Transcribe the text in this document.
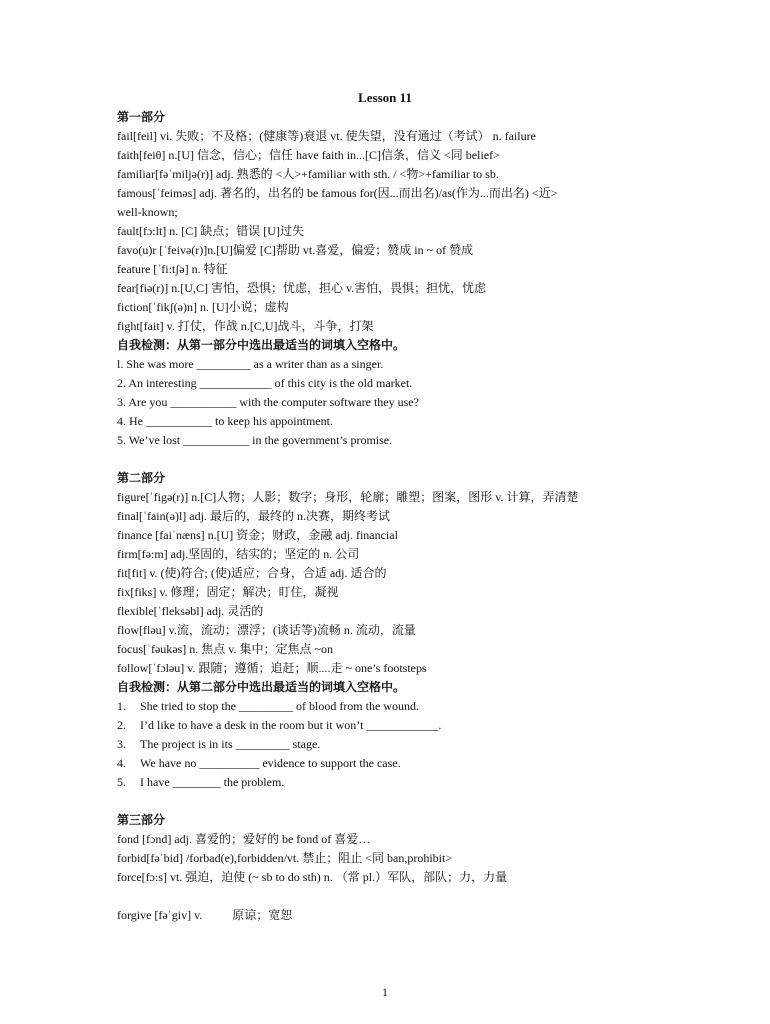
Lesson 11
第一部分
fail[feil] vi. 失败；不及格；(健康等)衰退 vt. 使失望，没有通过（考试） n. failure
faith[feiθ] n.[U] 信念，信心；信任 have faith in...[C]信条，信义 <同 belief>
familiar[fəˈmiljə(r)] adj. 熟悉的 <人>+familiar with sth. / <物>+familiar to sb.
famous[ˈfeiməs] adj. 著名的，出名的 be famous for(因...而出名)/as(作为...而出名) <近>
well-known;
fault[fɔ:lt] n. [C] 缺点；错误 [U]过失
favo(u)r [ˈfeivə(r)]n.[U]偏爱 [C]帮助 vt.喜爱，偏爱；赞成 in ~ of 赞成
feature [ˈfi:tʃə] n. 特征
fear[fiə(r)] n.[U,C] 害怕，恐惧；忧虑，担心 v.害怕，畏惧；担忧，忧虑
fiction[ˈfikʃ(ə)n] n. [U]小说；虚构
fight[fait] v. 打仗，作战 n.[C,U]战斗，斗争，打架
自我检测：从第一部分中选出最适当的词填入空格中。
l. She was more _________ as a writer than as a singer.
2. An interesting ____________ of this city is the old market.
3. Are you ___________ with the computer software they use?
4. He ___________ to keep his appointment.
5. We’ve lost ___________ in the government’s promise.
第二部分
figure[ˈfigə(r)] n.[C]人物；人影；数字；身形，轮廓；雕塑；图案，图形 v. 计算，弄清楚
final[ˈfain(ə)l] adj. 最后的，最终的 n.决赛，期终考试
finance [faiˈnæns] n.[U] 资金；财政，金融 adj. financial
firm[fə:m] adj.坚固的，结实的；坚定的 n. 公司
fit[fit] v. (使)符合; (使)适应；合身，合适 adj. 适合的
fix[fiks] v. 修理；固定；解决；盯住，凝视
flexible[ˈfleksəbl] adj. 灵活的
flow[fləu] v.流，流动；漂浮；(谈话等)流畅 n. 流动，流量
focus[ˈfəukəs] n. 焦点 v. 集中；定焦点 ~on
follow[ˈfɔləu] v. 跟随；遵循；追赶；顺....走 ~ one’s footsteps
自我检测：从第二部分中选出最适当的词填入空格中。
1.	She tried to stop the _________ of blood from the wound.
2.	I’d like to have a desk in the room but it won’t ____________.
3.	The project is in its _________ stage.
4.	We have no __________ evidence to support the case.
5.	I have ________ the problem.
第三部分
fond [fɔnd] adj. 喜爱的；爱好的 be fond of 喜爱…
forbid[fəˈbid] /forbad(e),forbidden/vt. 禁止；阻止 <同 ban,prohibit>
force[fɔ:s] vt. 强迫，迫使 (~ sb to do sth) n. （常 pl.）军队，部队；力，力量
forgive [fəˈgiv] v.          原谅；宽恕
1
